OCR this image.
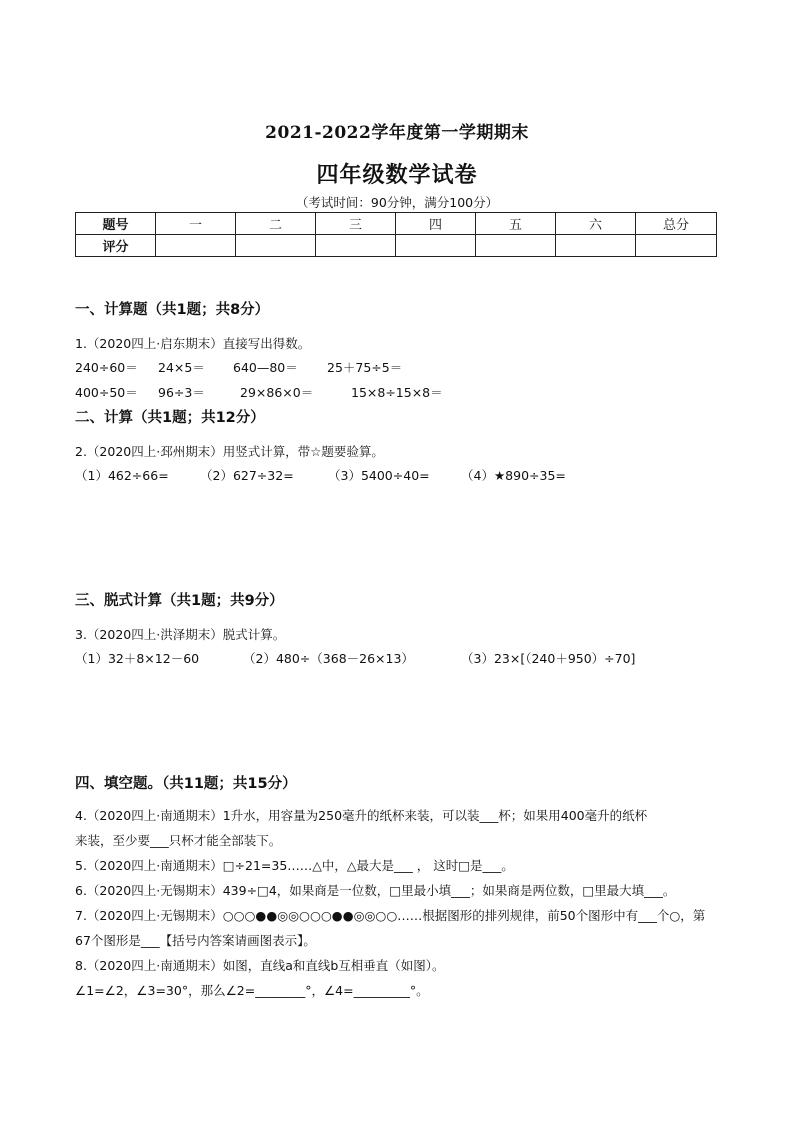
2021-2022学年度第一学期期末
四年级数学试卷
（考试时间：90分钟，满分100分）
题号	一	二	三	四	五	六	总分
评分							
一、计算题（共1题；共8分）
1.（2020四上·启东期末）直接写出得数。
240÷60＝ 24×5＝ 640—80＝ 25＋75÷5＝
400÷50＝ 96÷3＝	29×86×0＝	15×8÷15×8＝
二、计算（共1题；共12分）
2.（2020四上·邳州期末）用竖式计算，带☆题要验算。
（1）462÷66=	（2）627÷32=	（3）5400÷40=	（4）★890÷35=
三、脱式计算（共1题；共9分）
3.（2020四上·洪泽期末）脱式计算。
（1）32＋8×12－60	（2）480÷（368－26×13）	（3）23×[（240＋950）÷70]
四、填空题。（共11题；共15分）
4.（2020四上·南通期末）1升水，用容量为250毫升的纸杯来装，可以装___杯；如果用400毫升的纸杯
来装，至少要___只杯才能全部装下。
5.（2020四上·南通期末）□÷21=35……△中，△最大是___ ， 这时□是___。
6.（2020四上·无锡期末）439÷□4，如果商是一位数，□里最小填___；如果商是两位数，□里最大填___。
7.（2020四上·无锡期末）○○○●●◎◎○○○●●◎◎○○……根据图形的排列规律，前50个图形中有___个○，第
67个图形是___【括号内答案请画图表示】。
8.（2020四上·南通期末）如图，直线a和直线b互相垂直（如图）。
∠1=∠2，∠3=30°，那么∠2=________°，∠4=_________°。
